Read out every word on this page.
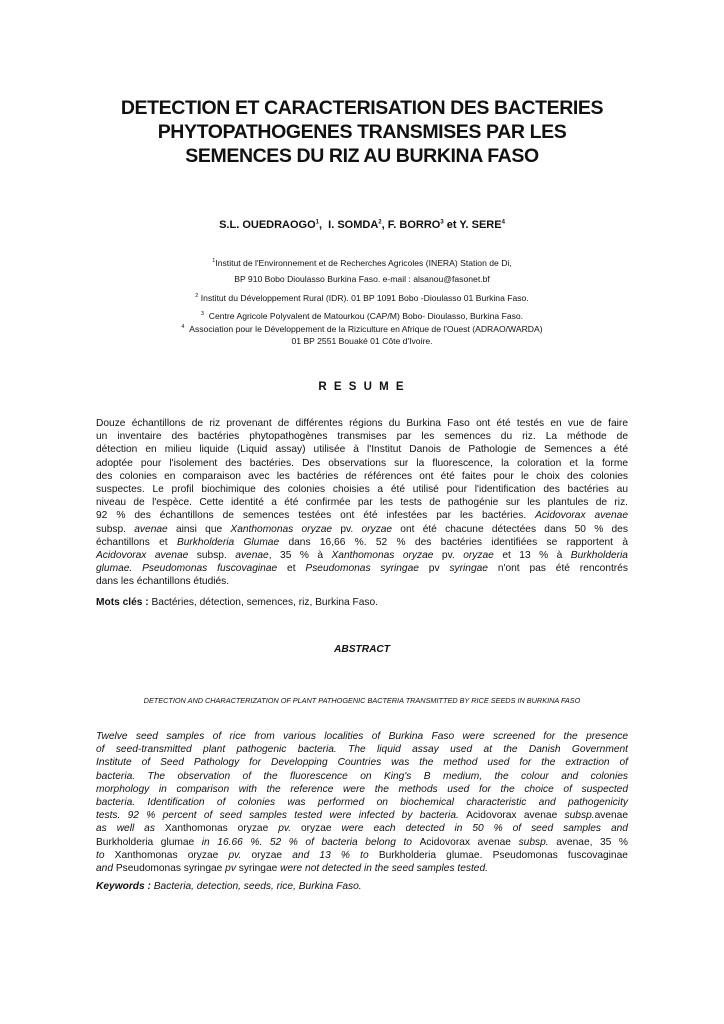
DETECTION ET CARACTERISATION DES BACTERIES
PHYTOPATHOGENES TRANSMISES PAR LES
SEMENCES DU RIZ AU BURKINA FASO
S.L. OUEDRAOGO$^1$,  I. SOMDA$^2$, F. BORRO$^3$ et Y. SERE$^4$
$^1$Institut de l'Environnement et de Recherches Agricoles (INERA) Station de Di,
BP 910 Bobo Dioulasso Burkina Faso. e-mail : alsanou@fasonet.bf
$^2$ Institut du Développement Rural (IDR). 01 BP 1091 Bobo -Dioulasso 01 Burkina Faso.
$^3$ Centre Agricole Polyvalent de Matourkou (CAP/M) Bobo- Dioulasso, Burkina Faso.
$^4$ Association pour le Développement de la Riziculture en Afrique de l'Ouest (ADRAO/WARDA)
01 BP 2551 Bouaké 01 Côte d'Ivoire.
R E S U M E
Douze échantillons de riz provenant de différentes régions du Burkina Faso ont été testés en vue de faire
un inventaire des bactéries phytopathogènes transmises par les semences du riz. La méthode de
détection en milieu liquide (Liquid assay) utilisée à l'Institut Danois de Pathologie de Semences a été
adoptée pour l'isolement des bactéries. Des observations sur la fluorescence, la coloration et la forme
des colonies en comparaison avec les bactéries de références ont été faites pour le choix des colonies
suspectes. Le profil biochimique des colonies choisies a été utilisé pour l'identification des bactéries au
niveau de l'espèce. Cette identité a été confirmée par les tests de pathogénie sur les plantules de riz.
92 % des échantillons de semences testées ont été infestées par les bactéries. Acidovorax avenae
subsp. avenae ainsi que Xanthomonas oryzae pv. oryzae ont été chacune détectées dans 50 % des
échantillons et Burkholderia Glumae dans 16,66 %. 52 % des bactéries identifiées se rapportent à
Acidovorax avenae subsp. avenae, 35 % à Xanthomonas oryzae pv. oryzae et 13 % à Burkholderia
glumae. Pseudomonas fuscovaginae et Pseudomonas syringae pv syringae n'ont pas été rencontrés
dans les échantillons étudiés.
Mots clés : Bactéries, détection, semences, riz, Burkina Faso.
ABSTRACT
DETECTION AND CHARACTERIZATION OF PLANT PATHOGENIC BACTERIA TRANSMITTED BY RICE SEEDS IN BURKINA FASO
Twelve seed samples of rice from various localities of Burkina Faso were screened for the presence
of seed-transmitted plant pathogenic bacteria. The liquid assay used at the Danish Government
Institute of Seed Pathology for Developping Countries was the method used for the extraction of
bacteria. The observation of the fluorescence on King's B medium, the colour and colonies
morphology in comparison with the reference were the methods used for the choice of suspected
bacteria. Identification of colonies was performed on biochemical characteristic and pathogenicity
tests. 92 % percent of seed samples tested were infected by bacteria. Acidovorax avenae subsp.avenae
as well as Xanthomonas oryzae pv. oryzae were each detected in 50 % of seed samples and
Burkholderia glumae in 16.66 %. 52 % of bacteria belong to Acidovorax avenae subsp. avenae, 35 %
to Xanthomonas oryzae pv. oryzae and 13 % to Burkholderia glumae. Pseudomonas fuscovaginae
and Pseudomonas syringae pv syringae were not detected in the seed samples tested.
Keywords : Bacteria, detection, seeds, rice, Burkina Faso.
